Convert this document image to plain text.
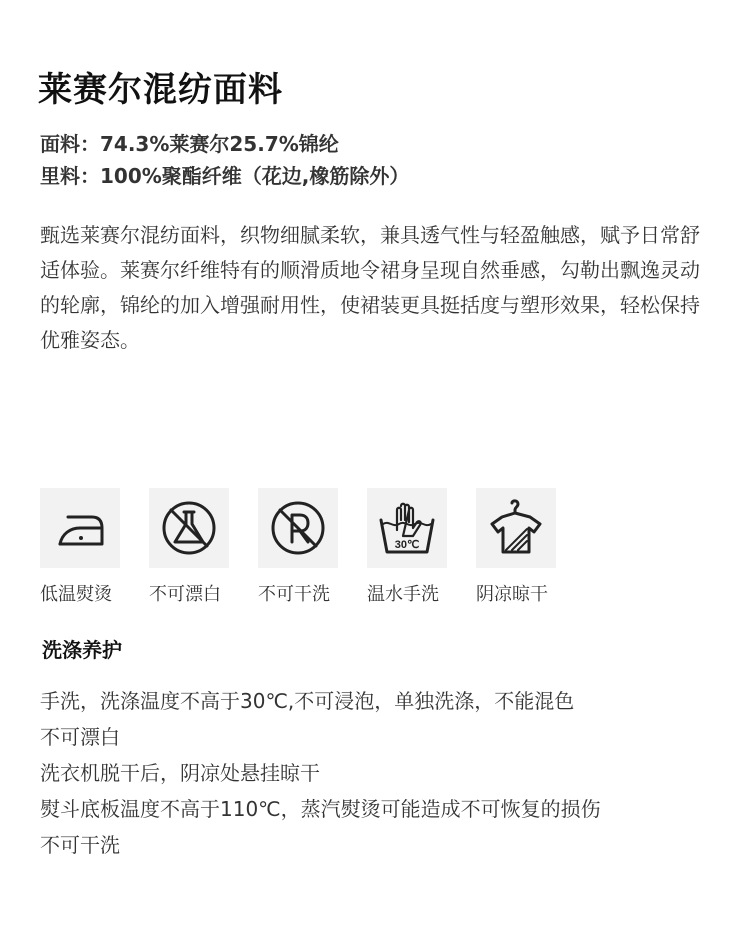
莱赛尔混纺面料
面料：74.3%莱赛尔25.7%锦纶
里料：100%聚酯纤维（花边,橡筋除外）

甄选莱赛尔混纺面料，织物细腻柔软，兼具透气性与轻盈触感，赋予日常舒适体验。莱赛尔纤维特有的顺滑质地令裙身呈现自然垂感，勾勒出飘逸灵动的轮廓，锦纶的加入增强耐用性，使裙装更具挺括度与塑形效果，轻松保持优雅姿态。

低温熨烫	不可漂白	不可干洗
30℃
温水手洗	阴凉晾干
洗涤养护
手洗，洗涤温度不高于30℃,不可浸泡，单独洗涤，不能混色
不可漂白
洗衣机脱干后，阴凉处悬挂晾干
熨斗底板温度不高于110℃，蒸汽熨烫可能造成不可恢复的损伤
不可干洗
